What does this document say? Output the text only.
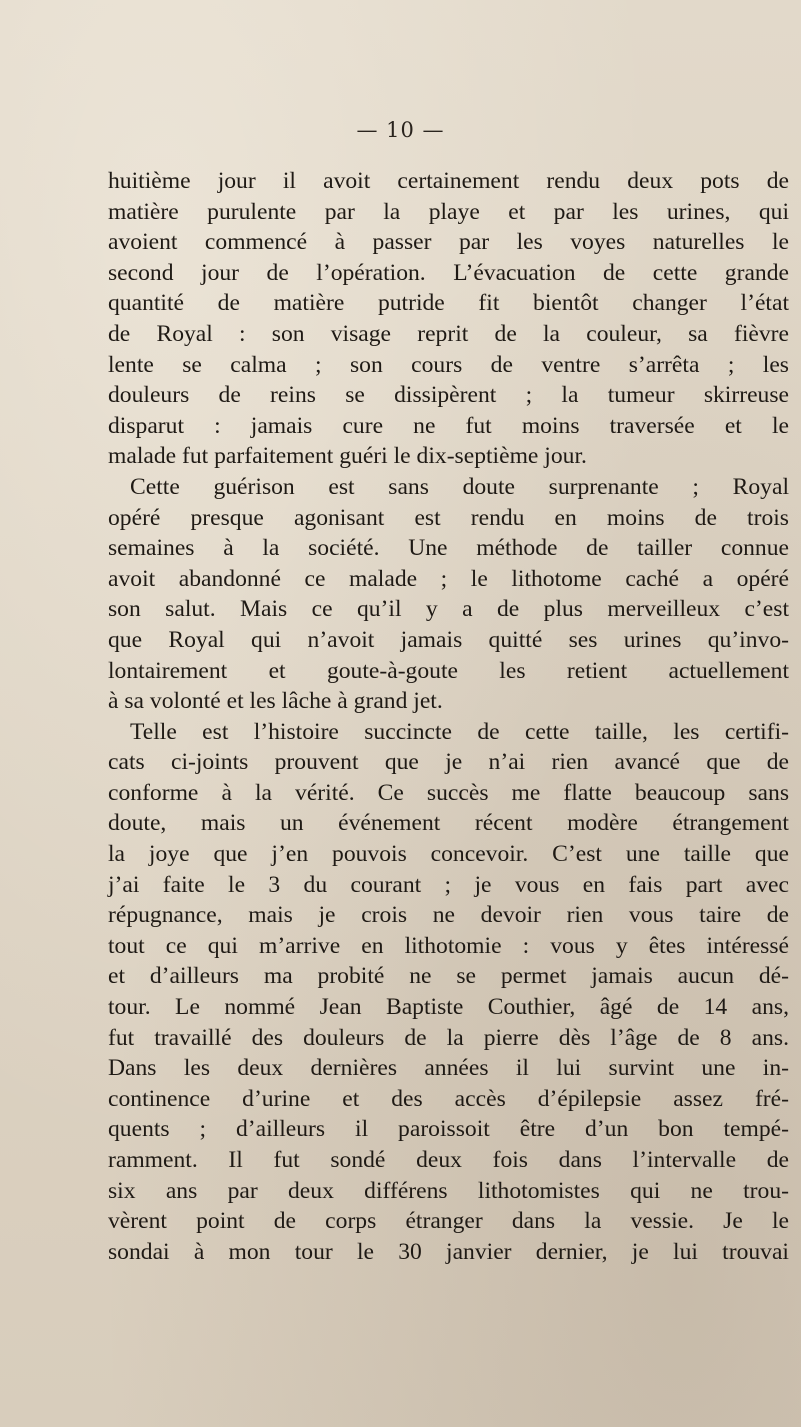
— 10 —
huitième jour il avoit certainement rendu deux pots de
matière purulente par la playe et par les urines, qui
avoient commencé à passer par les voyes naturelles le
second jour de l’opération. L’évacuation de cette grande
quantité de matière putride fit bientôt changer l’état
de Royal : son visage reprit de la couleur, sa fièvre
lente se calma ; son cours de ventre s’arrêta ; les
douleurs de reins se dissipèrent ; la tumeur skirreuse
disparut : jamais cure ne fut moins traversée et le
malade fut parfaitement guéri le dix-septième jour.
Cette guérison est sans doute surprenante ; Royal
opéré presque agonisant est rendu en moins de trois
semaines à la société. Une méthode de tailler connue
avoit abandonné ce malade ; le lithotome caché a opéré
son salut. Mais ce qu’il y a de plus merveilleux c’est
que Royal qui n’avoit jamais quitté ses urines qu’invo-
lontairement et goute-à-goute les retient actuellement
à sa volonté et les lâche à grand jet.
Telle est l’histoire succincte de cette taille, les certifi-
cats ci-joints prouvent que je n’ai rien avancé que de
conforme à la vérité. Ce succès me flatte beaucoup sans
doute, mais un événement récent modère étrangement
la joye que j’en pouvois concevoir. C’est une taille que
j’ai faite le 3 du courant ; je vous en fais part avec
répugnance, mais je crois ne devoir rien vous taire de
tout ce qui m’arrive en lithotomie : vous y êtes intéressé
et d’ailleurs ma probité ne se permet jamais aucun dé-
tour. Le nommé Jean Baptiste Couthier, âgé de 14 ans,
fut travaillé des douleurs de la pierre dès l’âge de 8 ans.
Dans les deux dernières années il lui survint une in-
continence d’urine et des accès d’épilepsie assez fré-
quents ; d’ailleurs il paroissoit être d’un bon tempé-
ramment. Il fut sondé deux fois dans l’intervalle de
six ans par deux différens lithotomistes qui ne trou-
vèrent point de corps étranger dans la vessie. Je le
sondai à mon tour le 30 janvier dernier, je lui trouvai
